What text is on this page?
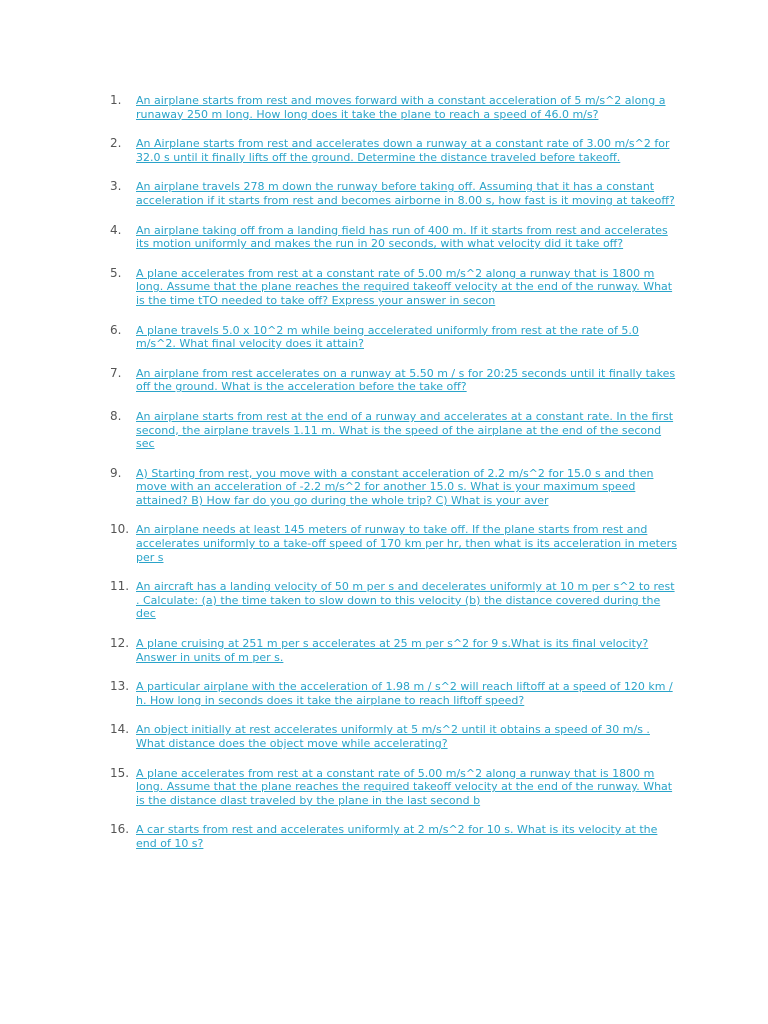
1.	An airplane starts from rest and moves forward with a constant acceleration of 5 m/s^2 along a runaway 250 m long. How long does it take the plane to reach a speed of 46.0 m/s?
2.	An Airplane starts from rest and accelerates down a runway at a constant rate of 3.00 m/s^2 for 32.0 s until it finally lifts off the ground. Determine the distance traveled before takeoff.
3.	An airplane travels 278 m down the runway before taking off. Assuming that it has a constant acceleration if it starts from rest and becomes airborne in 8.00 s, how fast is it moving at takeoff?
4.	An airplane taking off from a landing field has run of 400 m. If it starts from rest and accelerates its motion uniformly and makes the run in 20 seconds, with what velocity did it take off?
5.	A plane accelerates from rest at a constant rate of 5.00 m/s^2 along a runway that is 1800 m long. Assume that the plane reaches the required takeoff velocity at the end of the runway. What is the time tTO needed to take off? Express your answer in secon
6.	A plane travels 5.0 x 10^2 m while being accelerated uniformly from rest at the rate of 5.0 m/s^2. What final velocity does it attain?
7.	An airplane from rest accelerates on a runway at 5.50 m / s for 20:25 seconds until it finally takes off the ground. What is the acceleration before the take off?
8.	An airplane starts from rest at the end of a runway and accelerates at a constant rate. In the first second, the airplane travels 1.11 m. What is the speed of the airplane at the end of the second sec
9.	A) Starting from rest, you move with a constant acceleration of 2.2 m/s^2 for 15.0 s and then move with an acceleration of -2.2 m/s^2 for another 15.0 s. What is your maximum speed attained? B) How far do you go during the whole trip? C) What is your aver
10. An airplane needs at least 145 meters of runway to take off. If the plane starts from rest and accelerates uniformly to a take-off speed of 170 km per hr, then what is its acceleration in meters per s
11. An aircraft has a landing velocity of 50 m per s and decelerates uniformly at 10 m per s^2 to rest . Calculate: (a) the time taken to slow down to this velocity (b) the distance covered during the dec
12. A plane cruising at 251 m per s accelerates at 25 m per s^2 for 9 s.What is its final velocity? Answer in units of m per s.
13. A particular airplane with the acceleration of 1.98 m / s^2 will reach liftoff at a speed of 120 km / h. How long in seconds does it take the airplane to reach liftoff speed?
14. An object initially at rest accelerates uniformly at 5 m/s^2 until it obtains a speed of 30 m/s . What distance does the object move while accelerating?
15. A plane accelerates from rest at a constant rate of 5.00 m/s^2 along a runway that is 1800 m long. Assume that the plane reaches the required takeoff velocity at the end of the runway. What is the distance dlast traveled by the plane in the last second b
16. A car starts from rest and accelerates uniformly at 2 m/s^2 for 10 s. What is its velocity at the end of 10 s?
